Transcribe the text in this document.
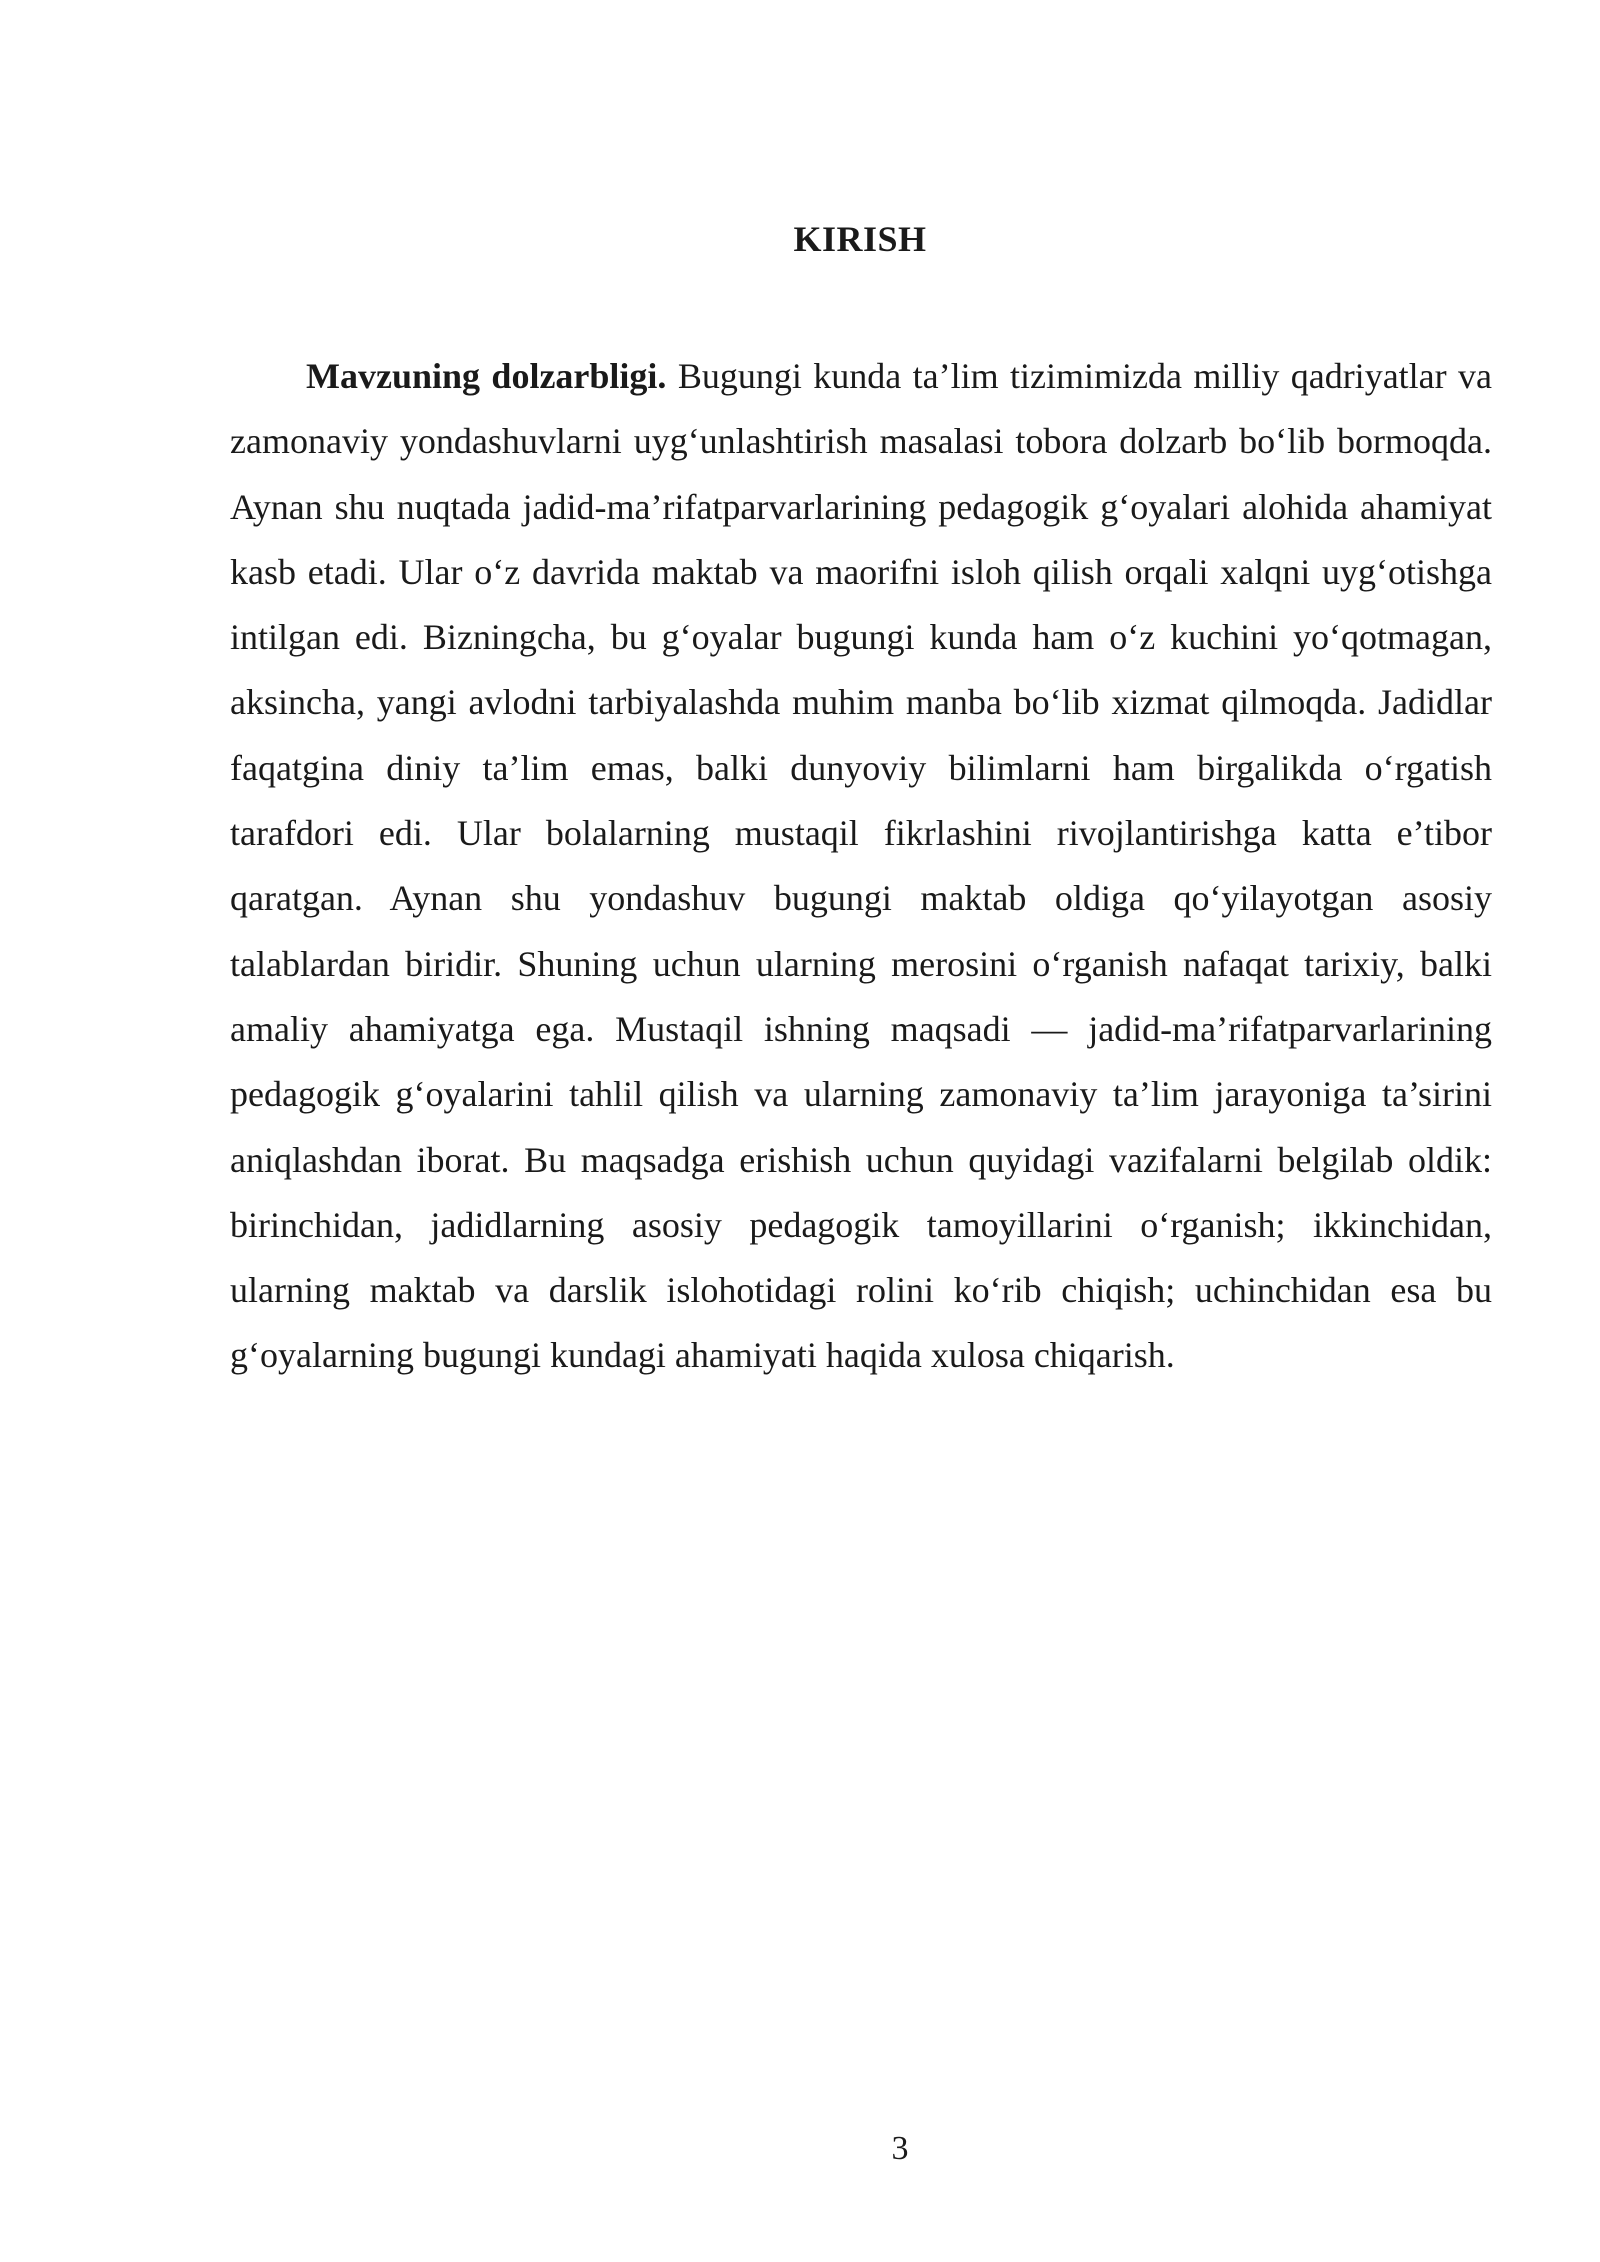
KIRISH

Mavzuning dolzarbligi. Bugungi kunda ta’lim tizimimizda milliy qadriyatlar va zamonaviy yondashuvlarni uyg‘unlashtirish masalasi tobora dolzarb bo‘lib bormoqda. Aynan shu nuqtada jadid-ma’rifatparvarlarining pedagogik g‘oyalari alohida ahamiyat kasb etadi. Ular o‘z davrida maktab va maorifni isloh qilish orqali xalqni uyg‘otishga intilgan edi. Bizningcha, bu g‘oyalar bugungi kunda ham o‘z kuchini yo‘qotmagan, aksincha, yangi avlodni tarbiyalashda muhim manba bo‘lib xizmat qilmoqda. Jadidlar faqatgina diniy ta’lim emas, balki dunyoviy bilimlarni ham birgalikda o‘rgatish tarafdori edi. Ular bolalarning mustaqil fikrlashini rivojlantirishga katta e’tibor qaratgan. Aynan shu yondashuv bugungi maktab oldiga qo‘yilayotgan asosiy talablardan biridir. Shuning uchun ularning merosini o‘rganish nafaqat tarixiy, balki amaliy ahamiyatga ega. Mustaqil ishning maqsadi — jadid-ma’rifatparvarlarining pedagogik g‘oyalarini tahlil qilish va ularning zamonaviy ta’lim jarayoniga ta’sirini aniqlashdan iborat. Bu maqsadga erishish uchun quyidagi vazifalarni belgilab oldik: birinchidan, jadidlarning asosiy pedagogik tamoyillarini o‘rganish; ikkinchidan, ularning maktab va darslik islohotidagi rolini ko‘rib chiqish; uchinchidan esa bu g‘oyalarning bugungi kundagi ahamiyati haqida xulosa chiqarish.

3
